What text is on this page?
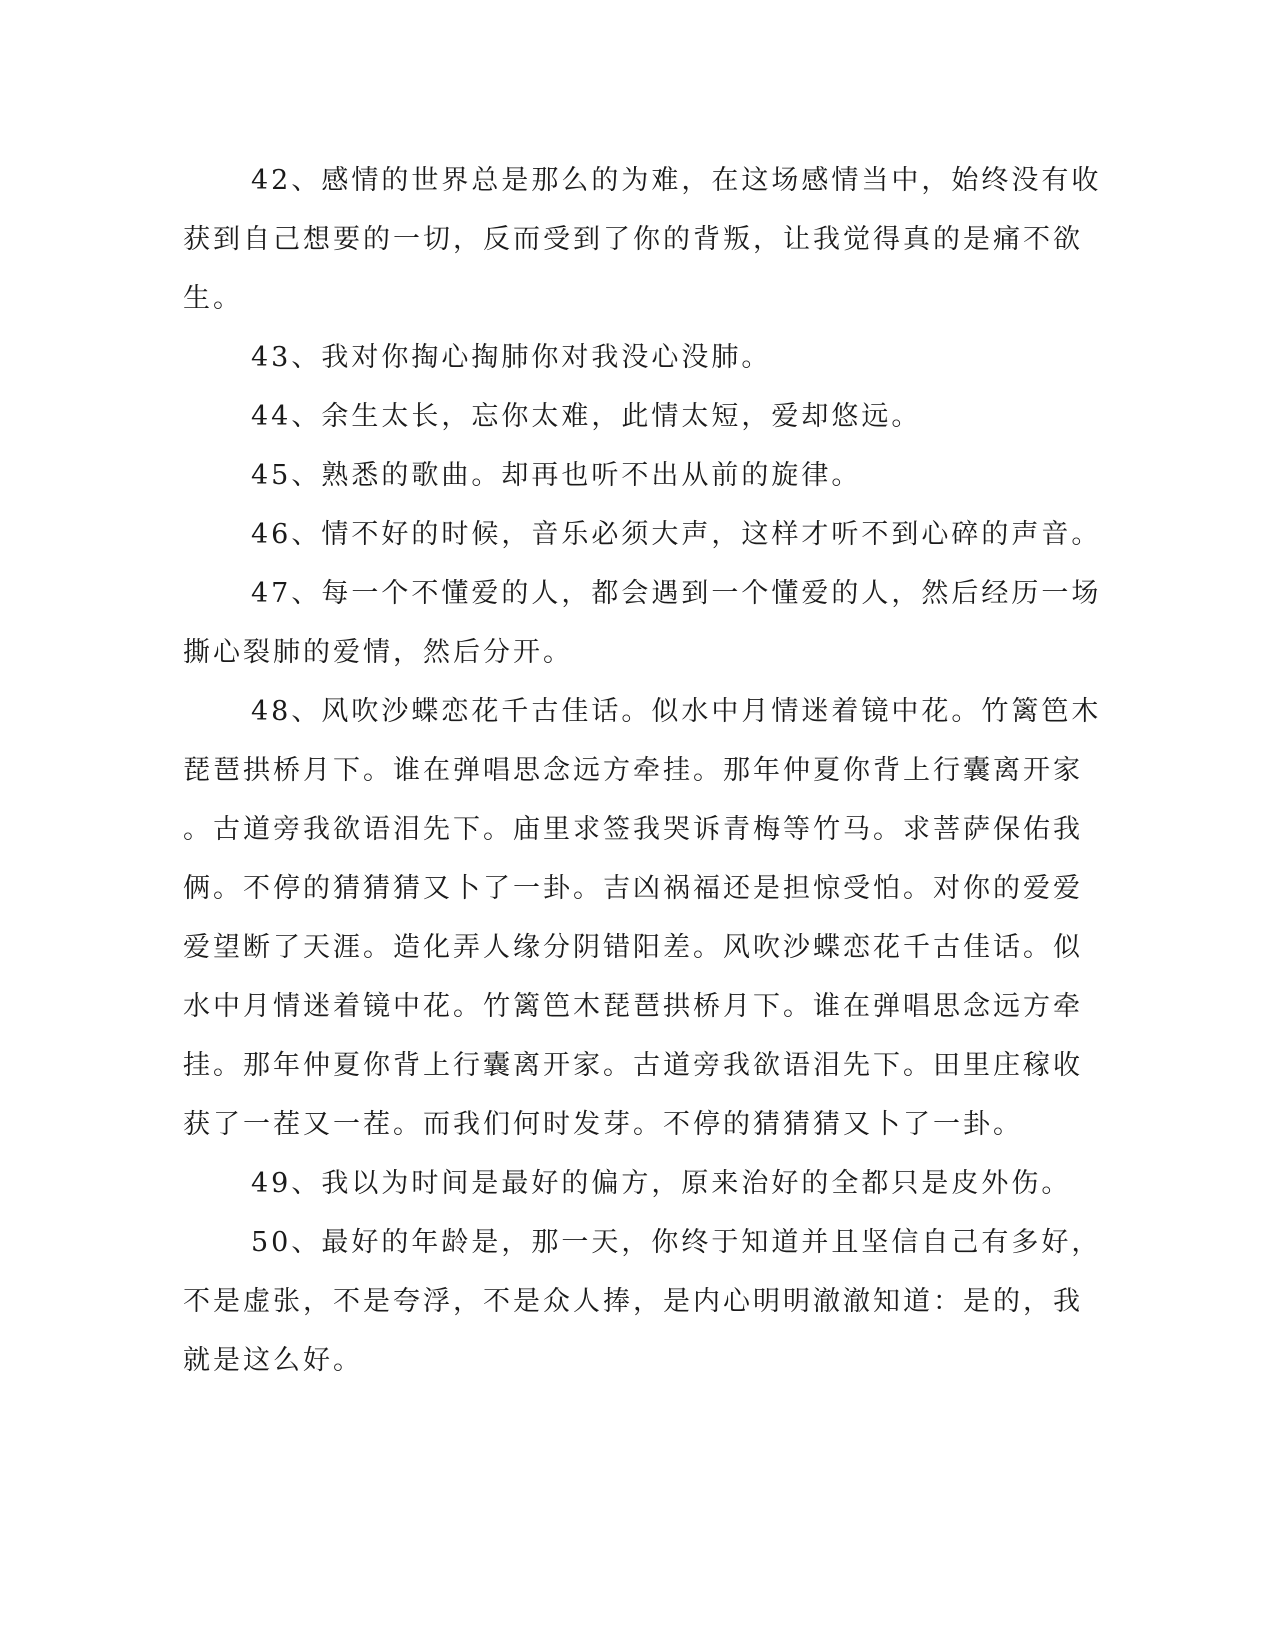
42、感情的世界总是那么的为难，在这场感情当中，始终没有收
获到自己想要的一切，反而受到了你的背叛，让我觉得真的是痛不欲
生。
43、我对你掏心掏肺你对我没心没肺。
44、余生太长，忘你太难，此情太短，爱却悠远。
45、熟悉的歌曲。却再也听不出从前的旋律。
46、情不好的时候，音乐必须大声，这样才听不到心碎的声音。
47、每一个不懂爱的人，都会遇到一个懂爱的人，然后经历一场
撕心裂肺的爱情，然后分开。
48、风吹沙蝶恋花千古佳话。似水中月情迷着镜中花。竹篱笆木
琵琶拱桥月下。谁在弹唱思念远方牵挂。那年仲夏你背上行囊离开家
。古道旁我欲语泪先下。庙里求签我哭诉青梅等竹马。求菩萨保佑我
俩。不停的猜猜猜又卜了一卦。吉凶祸福还是担惊受怕。对你的爱爱
爱望断了天涯。造化弄人缘分阴错阳差。风吹沙蝶恋花千古佳话。似
水中月情迷着镜中花。竹篱笆木琵琶拱桥月下。谁在弹唱思念远方牵
挂。那年仲夏你背上行囊离开家。古道旁我欲语泪先下。田里庄稼收
获了一茬又一茬。而我们何时发芽。不停的猜猜猜又卜了一卦。
49、我以为时间是最好的偏方，原来治好的全都只是皮外伤。
50、最好的年龄是，那一天，你终于知道并且坚信自己有多好，
不是虚张，不是夸浮，不是众人捧，是内心明明澈澈知道：是的，我
就是这么好。
